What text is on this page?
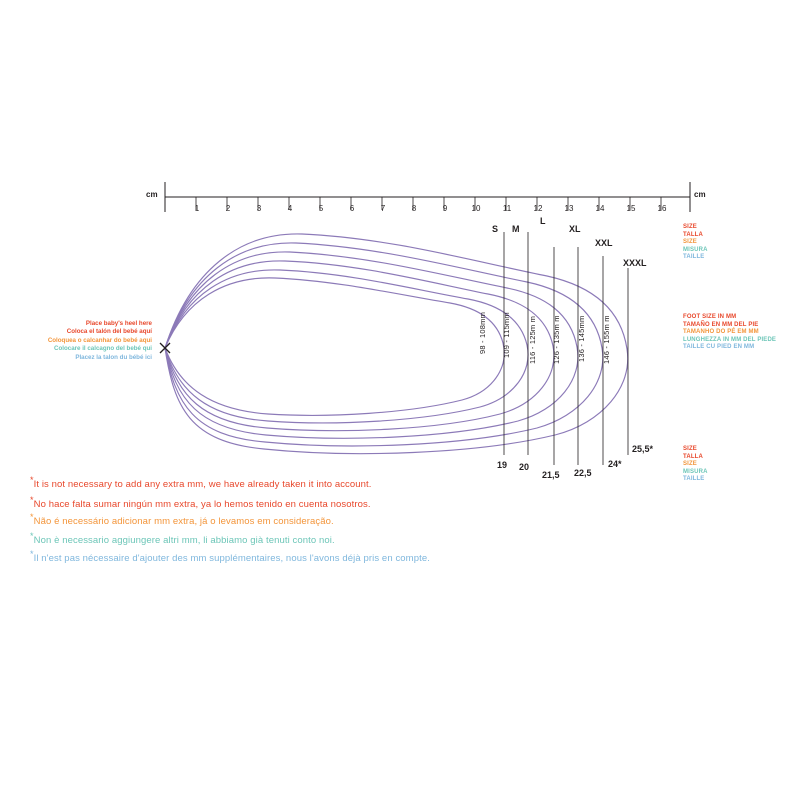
cm	cm
1	2	3	4	5	6	7	8	9	10	11	12	13	14	15	16
S M
L
XL
XXL
XXXL
98 - 108mm 109 - 115mm 116 - 125m m 126 - 135m m 136 - 145mm 146 - 155m m
19 20
21,5 22,5
24*
25,5*
Place baby's heel here
Coloca el talón del bebé aquí
Coloquea o calcanhar do bebé aqui
Colocare il calcagno del bebé qui
Placez la talon du bébé ici
SIZE
TALLA
SIZE
MISURA
TAILLE
FOOT SIZE IN MM
TAMAÑO EN MM DEL PIE
TAMANHO DO PÉ EM MM
LUNGHEZZA IN MM DEL PIEDE
TAILLE CU PIED EN MM
SIZE
TALLA
SIZE
MISURA
TAILLE
*It is not necessary to add any extra mm, we have already taken it into account.
*No hace falta sumar ningún mm extra, ya lo hemos tenido en cuenta nosotros.
*Não é necessário adicionar mm extra, já o levamos em consideração.
*Non è necessario aggiungere altri mm, li abbiamo già tenuti conto noi.
*Il n'est pas nécessaire d'ajouter des mm supplémentaires, nous l'avons déjà pris en compte.
